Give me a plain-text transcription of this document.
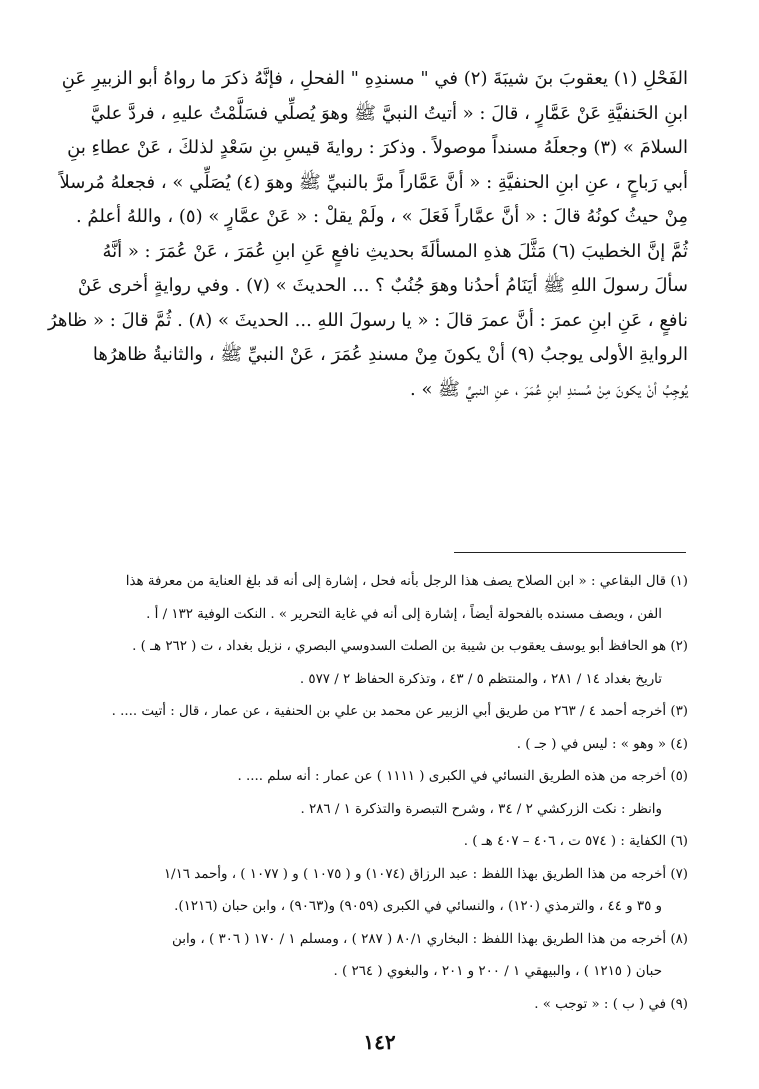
الفَحْلِ (١) يعقوبَ بنَ شيبَةَ (٢) في " مسندِهِ " الفحلِ ، فإنَّهُ ذكرَ ما رواهُ أبو الزبيرِ عَنِ
ابنِ الحَنفيَّةِ عَنْ عَمَّارٍ ، قالَ : « أتيتُ النبيَّ ﷺ وهوَ يُصلِّي فسَلَّمْتُ عليهِ ، فردَّ عليَّ
السلامَ » (٣) وجعلَهُ مسنداً موصولاً . وذكرَ : روايةَ قيسِ بنِ سَعْدٍ لذلكَ ، عَنْ عطاءِ بنِ
أبي رَباحٍ ، عنِ ابنِ الحنفيَّةِ : « أنَّ عَمَّاراً مرَّ بالنبيِّ ﷺ وهوَ (٤) يُصَلِّي » ، فجعلهُ مُرسلاً
مِنْ حيثُ كونُهُ قالَ : « أنَّ عمَّاراً فَعَلَ » ، ولَمْ يقلْ : « عَنْ عمَّارٍ » (٥) ، واللهُ أعلمُ .
ثُمَّ إنَّ الخطيبَ (٦) مَثَّلَ هذهِ المسألَةَ بحديثِ نافعٍ عَنِ ابنِ عُمَرَ ، عَنْ عُمَرَ : « أنَّهُ
سألَ رسولَ اللهِ ﷺ أيَنَامُ أحدُنا وهوَ جُنُبٌ ؟ ... الحديثَ » (٧) . وفي روايةٍ أخرى عَنْ
نافعٍ ، عَنِ ابنِ عمرَ : أنَّ عمرَ قالَ : « يا رسولَ اللهِ ... الحديثَ » (٨) . ثُمَّ قالَ : « ظاهرُ
الروايةِ الأولى يوجبُ (٩) أنْ يكونَ مِنْ مسندِ عُمَرَ ، عَنْ النبيِّ ﷺ ، والثانيةُ ظاهرُها
يُوجِبُ أنْ يكونَ مِنْ مُسندِ ابنِ عُمَرَ ، عنِ النبيِّ ﷺ » .
(١) قال البقاعي : « ابن الصلاح يصف هذا الرجل بأنه فحل ، إشارة إلى أنه قد بلغ العناية من معرفة هذا
الفن ، ويصف مسنده بالفحولة أيضاً ، إشارة إلى أنه في غاية التحرير » . النكت الوفية ١٣٢ / أ .
(٢) هو الحافظ أبو يوسف يعقوب بن شيبة بن الصلت السدوسي البصري ، نزيل بغداد ، ت ( ٢٦٢ هـ ) .
تاريخ بغداد ١٤ / ٢٨١ ، والمنتظم ٥ / ٤٣ ، وتذكرة الحفاظ ٢ / ٥٧٧ .
(٣) أخرجه أحمد ٤ / ٢٦٣ من طريق أبي الزبير عن محمد بن علي بن الحنفية ، عن عمار ، قال : أتيت .... .
(٤) « وهو » : ليس في ( جـ ) .
(٥) أخرجه من هذه الطريق النسائي في الكبرى ( ١١١١ ) عن عمار : أنه سلم .... .
وانظر : نكت الزركشي ٢ / ٣٤ ، وشرح التبصرة والتذكرة ١ / ٢٨٦ .
(٦) الكفاية : ( ٥٧٤ ت ، ٤٠٦ – ٤٠٧ هـ ) .
(٧) أخرجه من هذا الطريق بهذا اللفظ : عبد الرزاق (١٠٧٤) و ( ١٠٧٥ ) و ( ١٠٧٧ ) ، وأحمد ١/١٦
و ٣٥ و ٤٤ ، والترمذي (١٢٠) ، والنسائي في الكبرى (٩٠٥٩) و(٩٠٦٣) ، وابن حبان (١٢١٦).
(٨) أخرجه من هذا الطريق بهذا اللفظ : البخاري ٨٠/١ ( ٢٨٧ ) ، ومسلم ١ / ١٧٠ ( ٣٠٦ ) ، وابن
حبان ( ١٢١٥ ) ، والبيهقي ١ / ٢٠٠ و ٢٠١ ، والبغوي ( ٢٦٤ ) .
(٩) في ( ب ) : « توجب » .
١٤٢
